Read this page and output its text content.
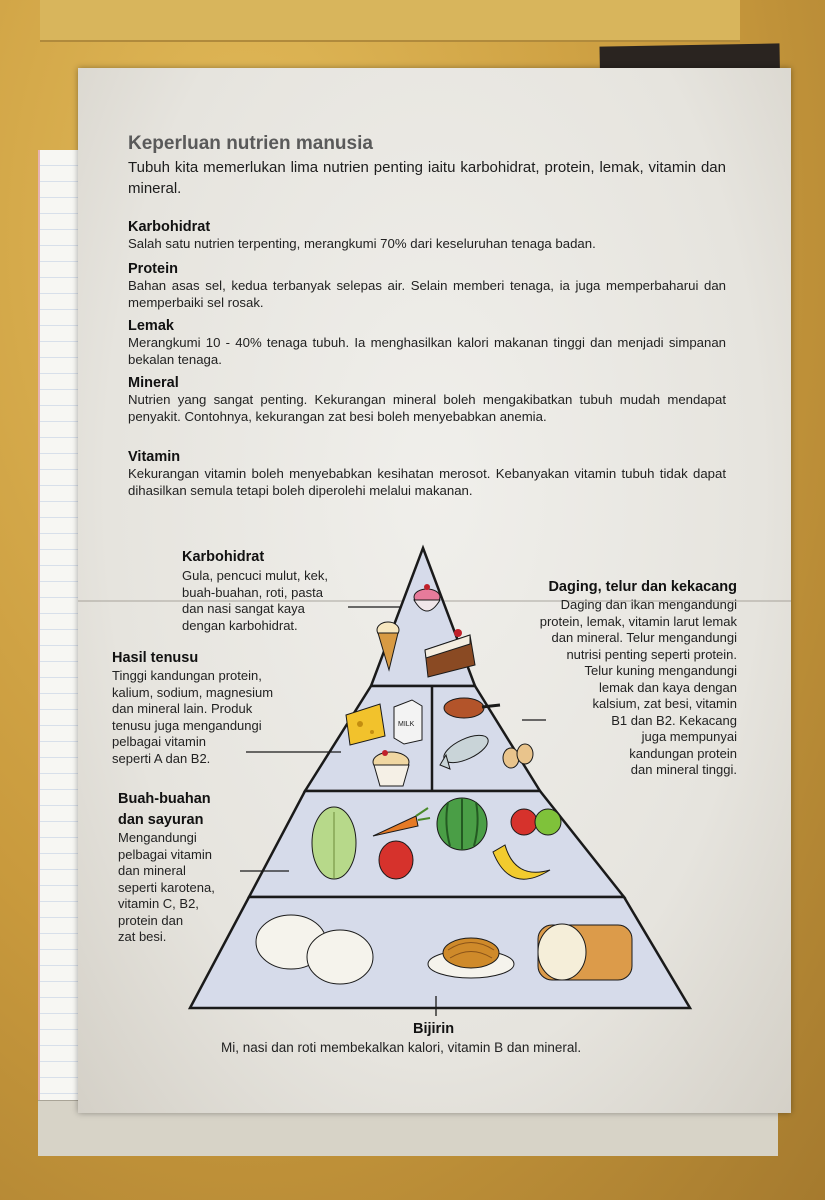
Keperluan nutrien manusia
Tubuh kita memerlukan lima nutrien penting iaitu karbohidrat, protein, lemak, vitamin dan mineral.
Karbohidrat
Salah satu nutrien terpenting, merangkumi 70% dari keseluruhan tenaga badan.
Protein
Bahan asas sel, kedua terbanyak selepas air. Selain memberi tenaga, ia juga memperbaharui dan memperbaiki sel rosak.
Lemak
Merangkumi 10 - 40% tenaga tubuh. Ia menghasilkan kalori makanan tinggi dan menjadi simpanan bekalan tenaga.
Mineral
Nutrien yang sangat penting. Kekurangan mineral boleh mengakibatkan tubuh mudah mendapat penyakit. Contohnya, kekurangan zat besi boleh menyebabkan anemia.
Vitamin
Kekurangan vitamin boleh menyebabkan kesihatan merosot. Kebanyakan vitamin tubuh tidak dapat dihasilkan semula tetapi boleh diperolehi melalui makanan.
MILK
Karbohidrat
Gula, pencuci mulut, kek,
buah-buahan, roti, pasta
dan nasi sangat kaya
dengan karbohidrat.
Daging, telur dan kekacang
Daging dan ikan mengandungi
protein, lemak, vitamin larut lemak
dan mineral. Telur mengandungi
nutrisi penting seperti protein.
Telur kuning mengandungi
lemak dan kaya dengan
kalsium, zat besi, vitamin
B1 dan B2. Kekacang
juga mempunyai
kandungan protein
dan mineral tinggi.
Hasil tenusu
Tinggi kandungan protein,
kalium, sodium, magnesium
dan mineral lain. Produk
tenusu juga mengandungi
pelbagai vitamin
seperti A dan B2.
Buah-buahan
dan sayuran
Mengandungi
pelbagai vitamin
dan mineral
seperti karotena,
vitamin C, B2,
protein dan
zat besi.
Bijirin
Mi, nasi dan roti membekalkan kalori, vitamin B dan mineral.
